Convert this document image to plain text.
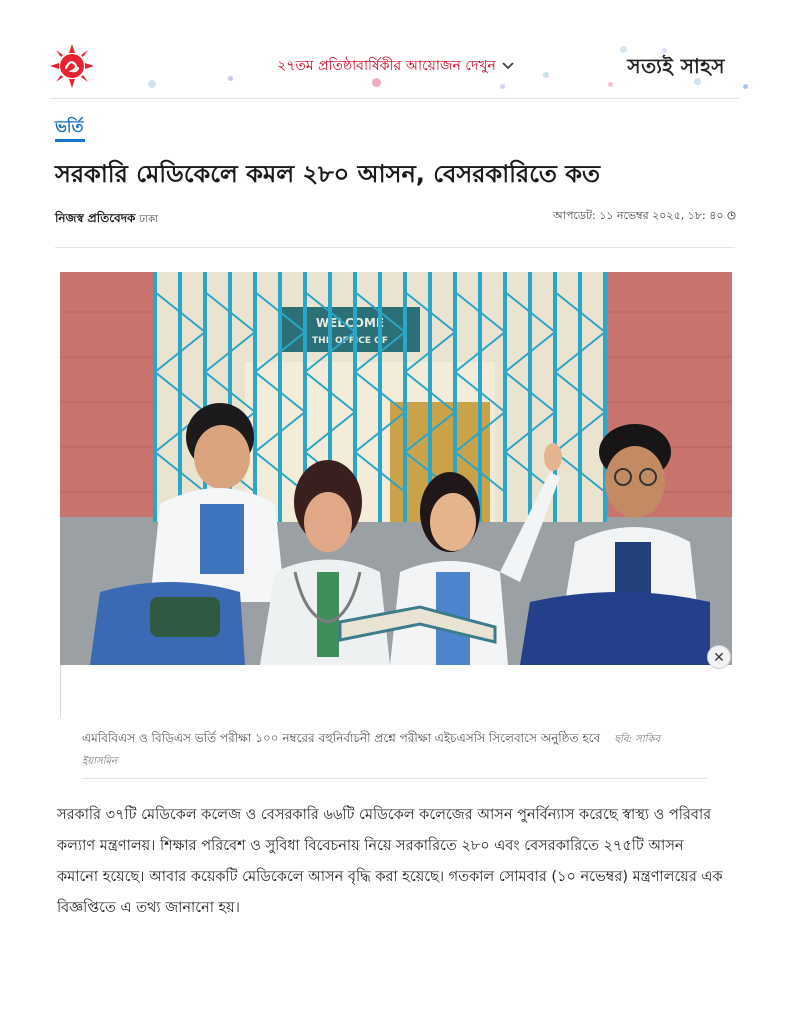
২৭তম প্রতিষ্ঠাবার্ষিকীর আয়োজন দেখুন	সত্যই সাহস
ভর্তি
সরকারি মেডিকেলে কমল ২৮০ আসন, বেসরকারিতে কত
নিজস্ব প্রতিবেদক ঢাকা	আপডেট: ১১ নভেম্বর ২০২৫, ১৮: ৪০
WELCOME
THE OFFICE OF
✕
এমবিবিএস ও বিডিএস ভর্তি পরীক্ষা ১০০ নম্বরের বহুনির্বাচনী প্রশ্নে পরীক্ষা এইচএসসি সিলেবাসে অনুষ্ঠিত হবে ছবি: সাকিব ইয়াসমিন
সরকারি ৩৭টি মেডিকেল কলেজ ও বেসরকারি ৬৬টি মেডিকেল কলেজের আসন পুনর্বিন্যাস করেছে স্বাস্থ্য ও পরিবার কল্যাণ মন্ত্রণালয়। শিক্ষার পরিবেশ ও সুবিধা বিবেচনায় নিয়ে সরকারিতে ২৮০ এবং বেসরকারিতে ২৭৫টি আসন কমানো হয়েছে। আবার কয়েকটি মেডিকেলে আসন বৃদ্ধি করা হয়েছে। গতকাল সোমবার (১০ নভেম্বর) মন্ত্রণালয়ের এক বিজ্ঞপ্তিতে এ তথ্য জানানো হয়।
